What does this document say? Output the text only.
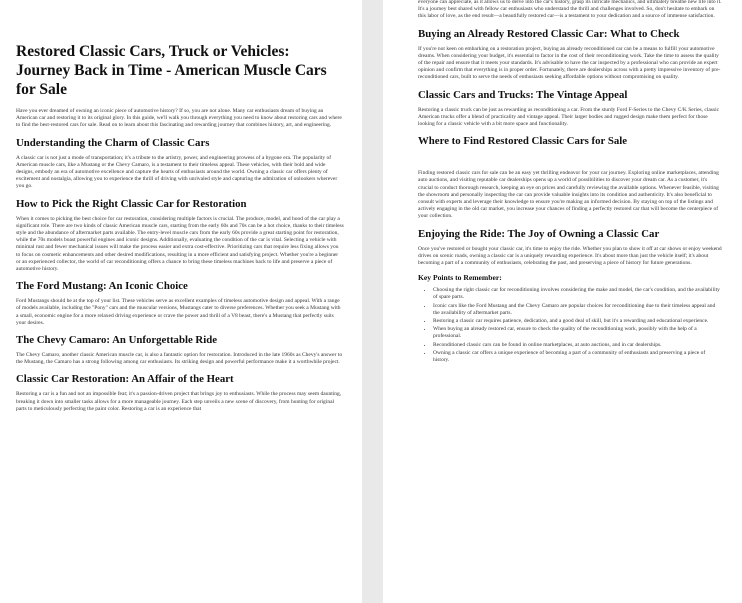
Restored Classic Cars, Truck or Vehicles: Journey Back in Time - American Muscle Cars for Sale

Have you ever dreamed of owning an iconic piece of automotive history? If so, you are not alone. Many car enthusiasts dream of buying an American car and restoring it to its original glory. In this guide, we'll walk you through everything you need to know about restoring cars and where to find the best-restored cars for sale. Read on to learn about this fascinating and rewarding journey that combines history, art, and engineering.

Understanding the Charm of Classic Cars

A classic car is not just a mode of transportation; it's a tribute to the artistry, power, and engineering prowess of a bygone era. The popularity of American muscle cars, like a Mustang or the Chevy Camaro, is a testament to their timeless appeal. These vehicles, with their bold and wide designs, embody an era of automotive excellence and capture the hearts of enthusiasts around the world. Owning a classic car offers plenty of excitement and nostalgia, allowing you to experience the thrill of driving with unrivaled style and capturing the admiration of onlookers wherever you go.

How to Pick the Right Classic Car for Restoration

When it comes to picking the best choice for car restoration, considering multiple factors is crucial. The produce, model, and hood of the car play a significant role. There are two kinds of classic American muscle cars, starting from the early 60s and 70s can be a hot choice, thanks to their timeless style and the abundance of aftermarket parts available. The entry-level muscle cars from the early 60s provide a great starting point for restoration, while the 70s models boast powerful engines and iconic designs. Additionally, evaluating the condition of the car is vital. Selecting a vehicle with minimal rust and fewer mechanical issues will make the process easier and extra cost-effective. Prioritizing cars that require less fixing allows you to focus on cosmetic enhancements and other desired modifications, resulting in a more efficient and satisfying project. Whether you're a beginner or an experienced collector, the world of car reconditioning offers a chance to bring these timeless machines back to life and preserve a piece of automotive history.

The Ford Mustang: An Iconic Choice

Ford Mustangs should be at the top of your list. These vehicles serve as excellent examples of timeless automotive design and appeal. With a range of models available, including the "Pony" cars and the muscular versions, Mustangs cater to diverse preferences. Whether you seek a Mustang with a small, economic engine for a more relaxed driving experience or crave the power and thrill of a V8 beast, there's a Mustang that perfectly suits your desires.

The Chevy Camaro: An Unforgettable Ride

The Chevy Camaro, another classic American muscle car, is also a fantastic option for restoration. Introduced in the late 1960s as Chevy's answer to the Mustang, the Camaro has a strong following among car enthusiasts. Its striking design and powerful performance make it a worthwhile project.

Classic Car Restoration: An Affair of the Heart

Restoring a car is a fun and not an impossible feat; it's a passion-driven project that brings joy to enthusiasts. While the process may seem daunting, breaking it down into smaller tasks allows for a more manageable journey. Each step unveils a new scene of discovery, from hunting for original parts to meticulously perfecting the paint color. Restoring a car is an experience that

everyone can appreciate, as it allows us to delve into the car's history, grasp its intricate mechanics, and ultimately breathe new life into it. It's a journey best shared with fellow car enthusiasts who understand the thrill and challenges involved. So, don't hesitate to embark on this labor of love, as the end result—a beautifully restored car—is a testament to your dedication and a source of immense satisfaction.

Buying an Already Restored Classic Car: What to Check

If you're not keen on embarking on a restoration project, buying an already reconditioned car can be a means to fulfill your automotive dreams. When considering your budget, it's essential to factor in the cost of their reconditioning work. Take the time to assess the quality of the repair and ensure that it meets your standards. It's advisable to have the car inspected by a professional who can provide an expert opinion and confirm that everything is in proper order. Fortunately, there are dealerships across with a pretty impressive inventory of pre-reconditioned cars, built to serve the needs of enthusiasts seeking affordable options without compromising on quality.

Classic Cars and Trucks: The Vintage Appeal

Restoring a classic truck can be just as rewarding as reconditioning a car. From the sturdy Ford F-Series to the Chevy C/K Series, classic American trucks offer a blend of practicality and vintage appeal. Their larger bodies and rugged design make them perfect for those looking for a classic vehicle with a bit more space and functionality.

Where to Find Restored Classic Cars for Sale

Finding restored classic cars for sale can be an easy yet thrilling endeavor for your car journey. Exploring online marketplaces, attending auto auctions, and visiting reputable car dealerships opens up a world of possibilities to discover your dream car. As a customer, it's crucial to conduct thorough research, keeping an eye on prices and carefully reviewing the available options. Whenever feasible, visiting the showroom and personally inspecting the car can provide valuable insights into its condition and authenticity. It's also beneficial to consult with experts and leverage their knowledge to ensure you're making an informed decision. By staying on top of the listings and actively engaging in the old car market, you increase your chances of finding a perfectly restored car that will become the centerpiece of your collection.

Enjoying the Ride: The Joy of Owning a Classic Car

Once you've restored or bought your classic car, it's time to enjoy the ride. Whether you plan to show it off at car shows or enjoy weekend drives on scenic roads, owning a classic car is a uniquely rewarding experience. It's about more than just the vehicle itself; it's about becoming a part of a community of enthusiasts, celebrating the past, and preserving a piece of history for future generations.

Key Points to Remember:
• Choosing the right classic car for reconditioning involves considering the make and model, the car's condition, and the availability of spare parts.
• Iconic cars like the Ford Mustang and the Chevy Camaro are popular choices for reconditioning due to their timeless appeal and the availability of aftermarket parts.
• Restoring a classic car requires patience, dedication, and a good deal of skill, but it's a rewarding and educational experience.
• When buying an already restored car, ensure to check the quality of the reconditioning work, possibly with the help of a professional.
• Reconditioned classic cars can be found in online marketplaces, at auto auctions, and in car dealerships.
• Owning a classic car offers a unique experience of becoming a part of a community of enthusiasts and preserving a piece of history.
